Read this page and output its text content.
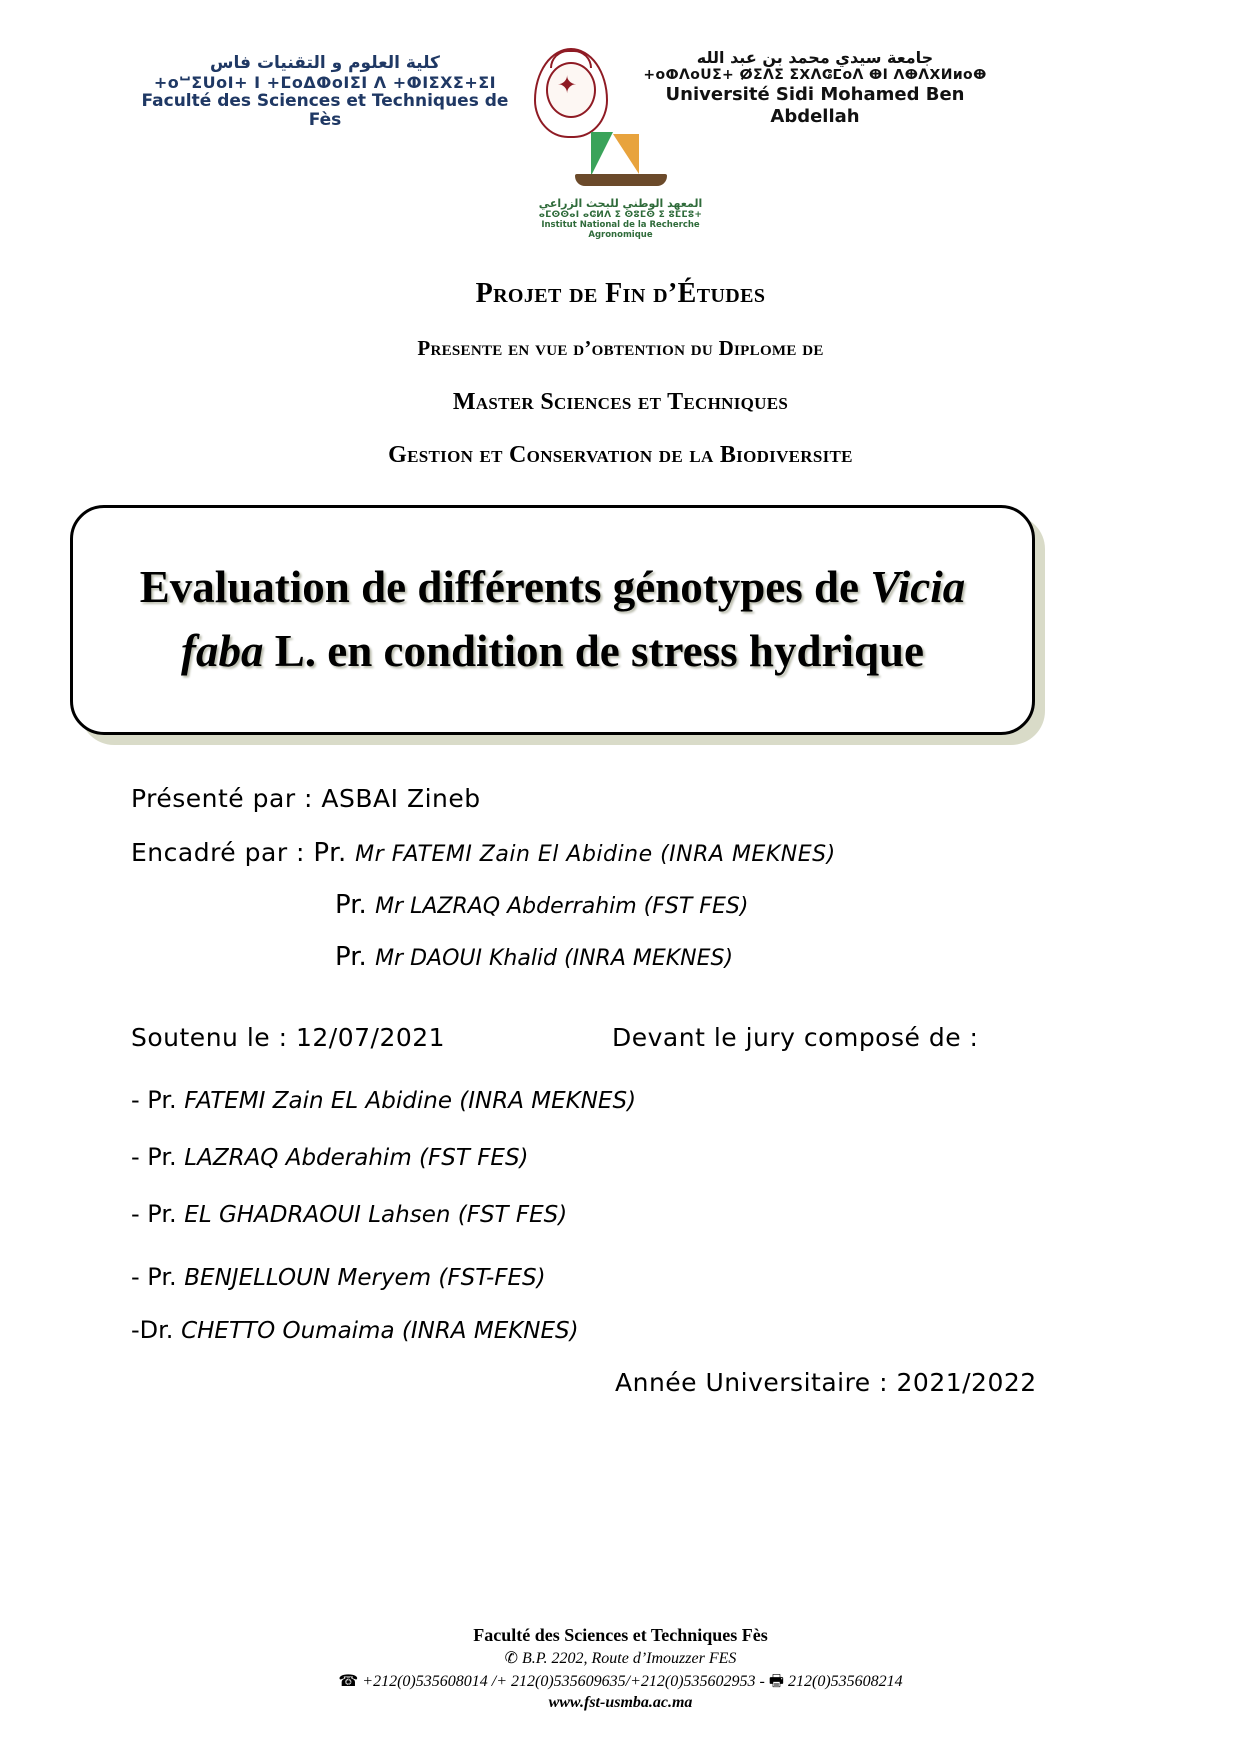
كلية العلوم و التقنيات فاس
+oⵯΣUoI+ I +ⵎoⵠⵀoIΣI ⴷ +ⵀIΣXΣ+ΣI
Faculté des Sciences et Techniques de Fès
✦
جامعة سيدي محمد بن عبد الله
+oⵀΛoUΣ+ ⵁΣΛΣ ΣⵝΛⵛⵎoΛ ⴲI ⴷⴲΛⵝИиoⴲ
Université Sidi Mohamed Ben Abdellah
المعهد الوطني للبحث الزراعي
ⴰⵎⵙⵙⴰⵏ ⴰⵛⵍⴷ ⵉ ⵙⵓⵎⵙ ⵉ ⵓⵎⵎⵓ+
Institut National de la Recherche Agronomique
Projet de Fin d’Études
Presente en vue d’obtention du Diplome de
Master Sciences et Techniques
Gestion et Conservation de la Biodiversite
Evaluation de différents génotypes de Vicia
faba L. en condition de stress hydrique
Présenté par : ASBAI Zineb
Encadré par : Pr. Mr FATEMI Zain El Abidine (INRA MEKNES)
Pr. Mr LAZRAQ Abderrahim (FST FES)
Pr. Mr DAOUI Khalid (INRA MEKNES)
Soutenu le : 12/07/2021	Devant le jury composé de :
- Pr. FATEMI Zain EL Abidine (INRA MEKNES)
- Pr. LAZRAQ Abderahim (FST FES)
- Pr. EL GHADRAOUI Lahsen (FST FES)
- Pr. BENJELLOUN Meryem (FST-FES)
-Dr. CHETTO Oumaima (INRA MEKNES)
Année Universitaire : 2021/2022
Faculté des Sciences et Techniques Fès
✆ B.P. 2202, Route d’Imouzzer FES
☎ +212(0)535608014 /+ 212(0)535609635/+212(0)535602953 - 🖶 212(0)535608214
www.fst-usmba.ac.ma
